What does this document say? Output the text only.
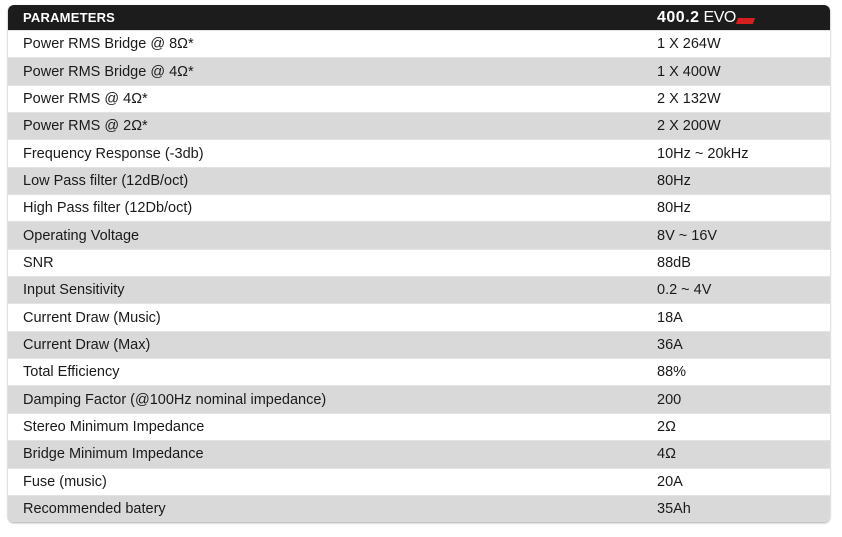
PARAMETERS	400.2 EVO
Power RMS Bridge @ 8Ω*	1 X 264W
Power RMS Bridge @ 4Ω*	1 X 400W
Power RMS @ 4Ω*	2 X 132W
Power RMS @ 2Ω*	2 X 200W
Frequency Response (-3db)	10Hz ~ 20kHz
Low Pass filter (12dB/oct)	80Hz
High Pass filter (12Db/oct)	80Hz
Operating Voltage	8V ~ 16V
SNR	88dB
Input Sensitivity	0.2 ~ 4V
Current Draw (Music)	18A
Current Draw (Max)	36A
Total Efficiency	88%
Damping Factor (@100Hz nominal impedance)	200
Stereo Minimum Impedance	2Ω
Bridge Minimum Impedance	4Ω
Fuse (music)	20A
Recommended batery	35Ah
